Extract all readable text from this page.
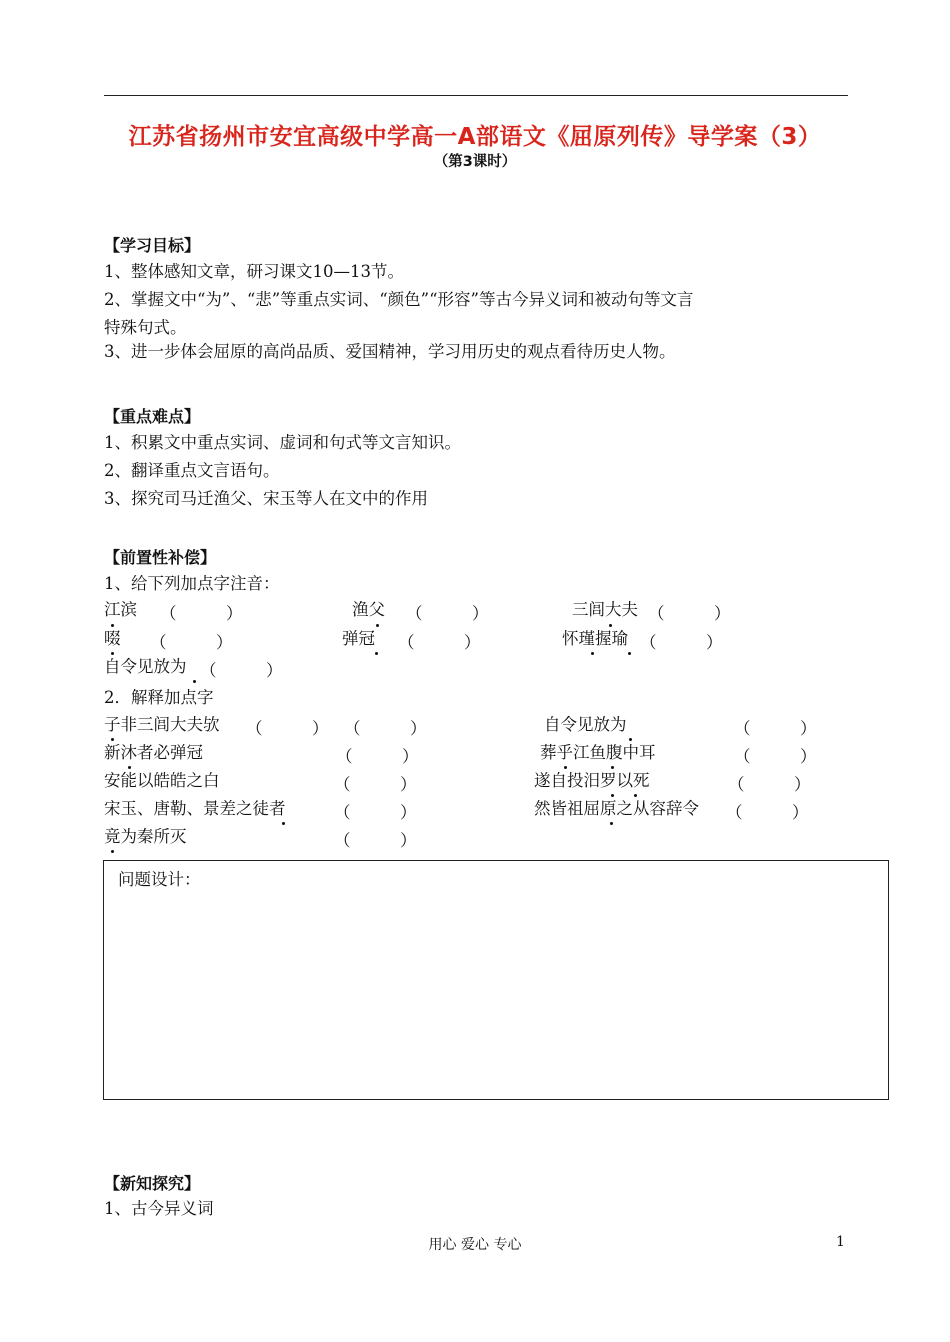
江苏省扬州市安宜高级中学高一A部语文《屈原列传》导学案（3）
（第3课时）
【学习目标】
1、整体感知文章，研习课文10—13节。
2、掌握文中“为”、“悲”等重点实词、“颜色”“形容”等古今异义词和被动句等文言
特殊句式。
3、进一步体会屈原的高尚品质、爱国精神，学习用历史的观点看待历史人物。
【重点难点】
1、积累文中重点实词、虚词和句式等文言知识。
2、翻译重点文言语句。
3、探究司马迁渔父、宋玉等人在文中的作用
【前置性补偿】
1、给下列加点字注音：
江滨 （　　　）	渔父 （　　　）	三闾大夫 （　　　）
啜 （　　　）	弹冠 （　　　）	怀瑾握瑜 （　　　）
自令见放为 （　　　）
2．解释加点字
子非三闾大夫欤 （　　　） （　　　）	自令见放为	（　　　）
新沐者必弹冠	（　　　）	葬乎江鱼腹中耳	（　　　）
安能以皓皓之白	（　　　）	遂自投汨罗以死	（　　　）
宋玉、唐勒、景差之徒者	（　　　）	然皆祖屈原之从容辞令 （　　　）
竟为秦所灭	（　　　）
问题设计：
【新知探究】
1、古今异义词
用心 爱心 专心	1
